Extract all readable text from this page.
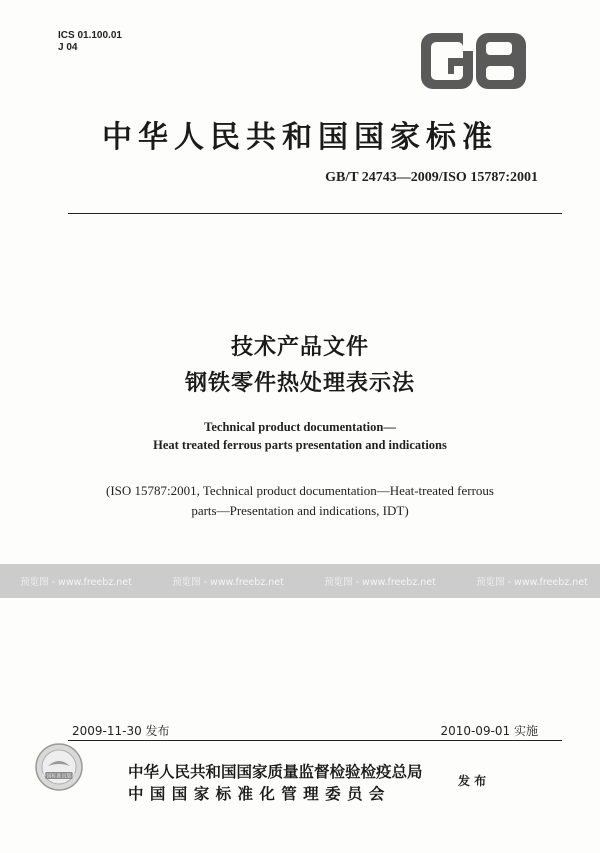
ICS 01.100.01
J 04
中华人民共和国国家标准
GB/T 24743—2009/ISO 15787:2001
技术产品文件
钢铁零件热处理表示法
Technical product documentation—
Heat treated ferrous parts presentation and indications
(ISO 15787:2001, Technical product documentation—Heat-treated ferrous
parts—Presentation and indications, IDT)
预览图 - www.freebz.net	预览图 - www.freebz.net	预览图 - www.freebz.net	预览图 - www.freebz.net
2009-11-30 发布	2010-09-01 实施
中国标准出版社	中华人民共和国国家质量监督检验检疫总局
中 国 国 家 标 准 化 管 理 委 员 会
发 布
